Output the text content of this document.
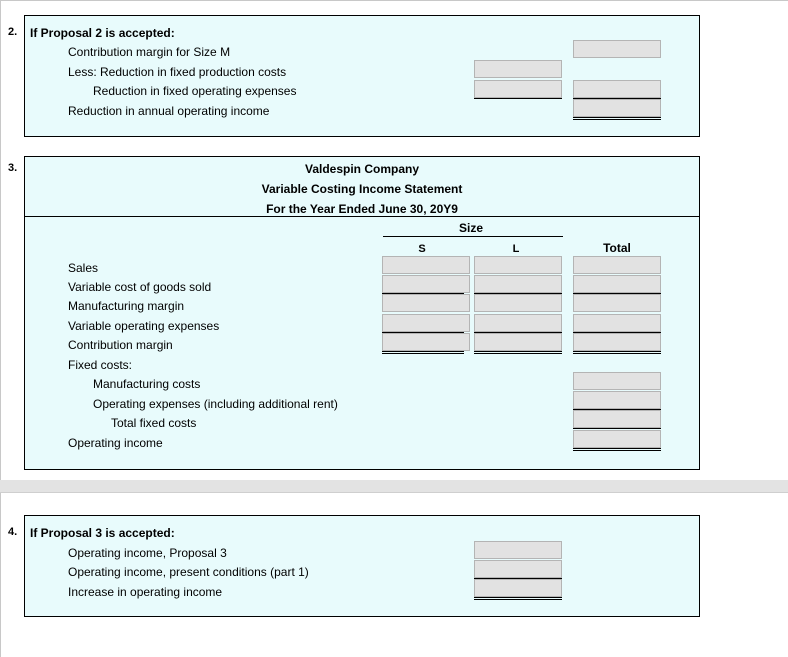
2. If Proposal 2 is accepted:
Contribution margin for Size M
Less: Reduction in fixed production costs
Reduction in fixed operating expenses
Reduction in annual operating income
3.	Valdespin Company
Variable Costing Income Statement
For the Year Ended June 30, 20Y9
Size
S	L	Total
Sales
Variable cost of goods sold
Manufacturing margin
Variable operating expenses
Contribution margin
Fixed costs:
Manufacturing costs
Operating expenses (including additional rent)
Total fixed costs
Operating income
4. If Proposal 3 is accepted:
Operating income, Proposal 3
Operating income, present conditions (part 1)
Increase in operating income
